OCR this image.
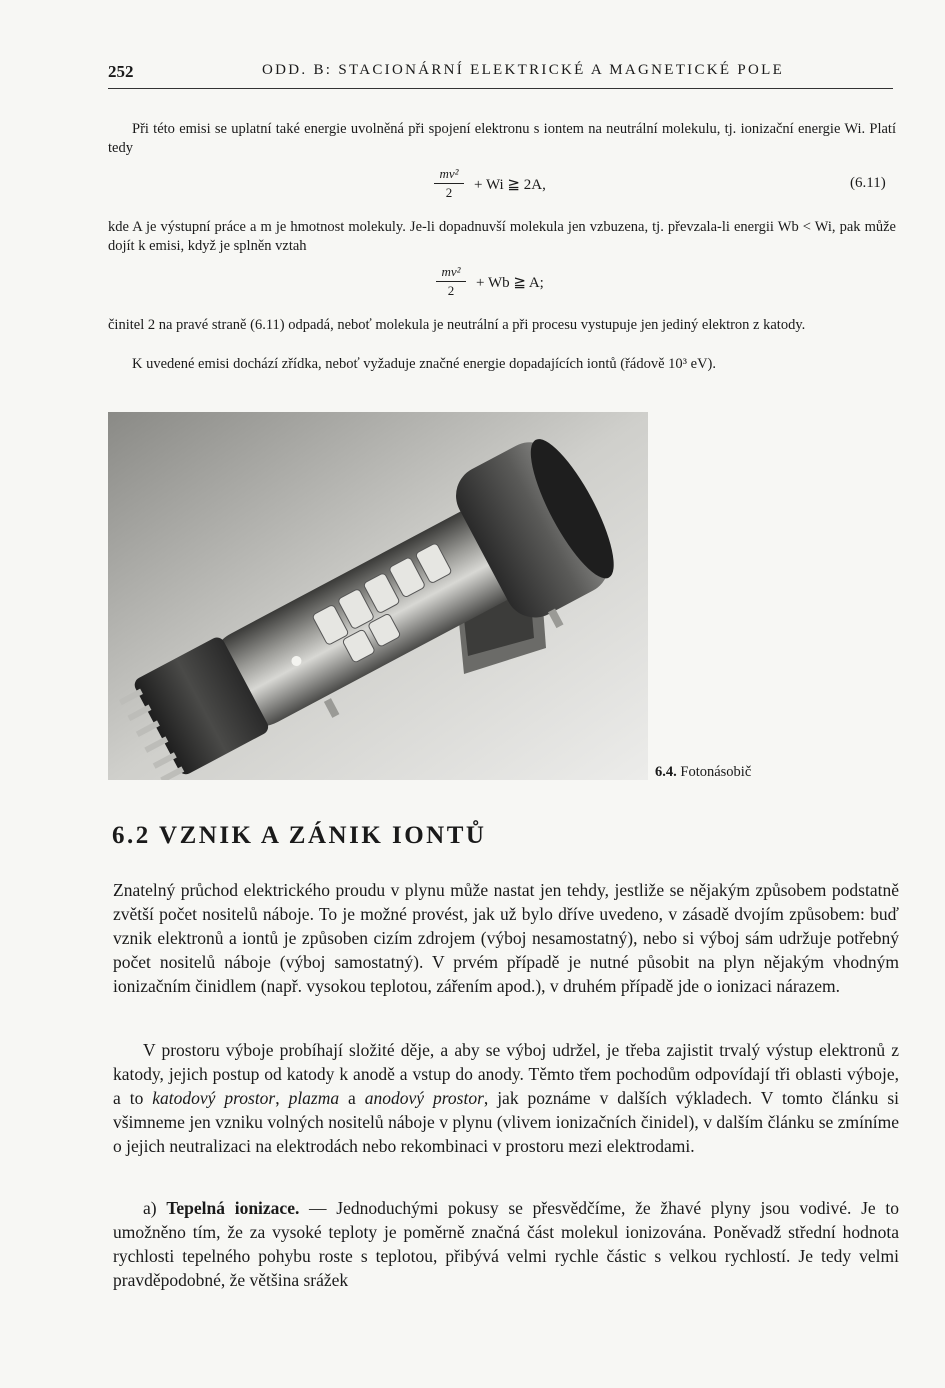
252	ODD. B: STACIONÁRNÍ ELEKTRICKÉ A MAGNETICKÉ POLE
Při této emisi se uplatní také energie uvolněná při spojení elektronu s iontem na neutrální molekulu, tj. ionizační energie Wi. Platí tedy
mv²
2	+ Wi ≧ 2A,	(6.11)
kde A je výstupní práce a m je hmotnost molekuly. Je-li dopadnuvší molekula jen vzbuzena, tj. převzala-li energii Wb < Wi, pak může dojít k emisi, když je splněn vztah
mv²
2	+ Wb ≧ A;
činitel 2 na pravé straně (6.11) odpadá, neboť molekula je neutrální a při procesu vystupuje jen jediný elektron z katody.
K uvedené emisi dochází zřídka, neboť vyžaduje značné energie dopadajících iontů (řádově 10³ eV).
6.4. Fotonásobič
6.2 VZNIK A ZÁNIK IONTŮ
Znatelný průchod elektrického proudu v plynu může nastat jen tehdy, jestliže se nějakým způsobem podstatně zvětší počet nositelů náboje. To je možné provést, jak už bylo dříve uvedeno, v zásadě dvojím způsobem: buď vznik elektronů a iontů je způsoben cizím zdrojem (výboj nesamostatný), nebo si výboj sám udržuje potřebný počet nositelů náboje (výboj samostatný). V prvém případě je nutné působit na plyn nějakým vhodným ionizačním činidlem (např. vysokou teplotou, zářením apod.), v druhém případě jde o ionizaci nárazem.
V prostoru výboje probíhají složité děje, a aby se výboj udržel, je třeba zajistit trvalý výstup elektronů z katody, jejich postup od katody k anodě a vstup do anody. Těmto třem pochodům odpovídají tři oblasti výboje, a to katodový prostor, plazma a anodový prostor, jak poznáme v dalších výkladech. V tomto článku si všimneme jen vzniku volných nositelů náboje v plynu (vlivem ionizačních činidel), v dalším článku se zmíníme o jejich neutralizaci na elektrodách nebo rekombinaci v prostoru mezi elektrodami.
a) Tepelná ionizace. — Jednoduchými pokusy se přesvědčíme, že žhavé plyny jsou vodivé. Je to umožněno tím, že za vysoké teploty je poměrně značná část molekul ionizována. Poněvadž střední hodnota rychlosti tepelného pohybu roste s teplotou, přibývá velmi rychle částic s velkou rychlostí. Je tedy velmi pravděpodobné, že většina srážek
